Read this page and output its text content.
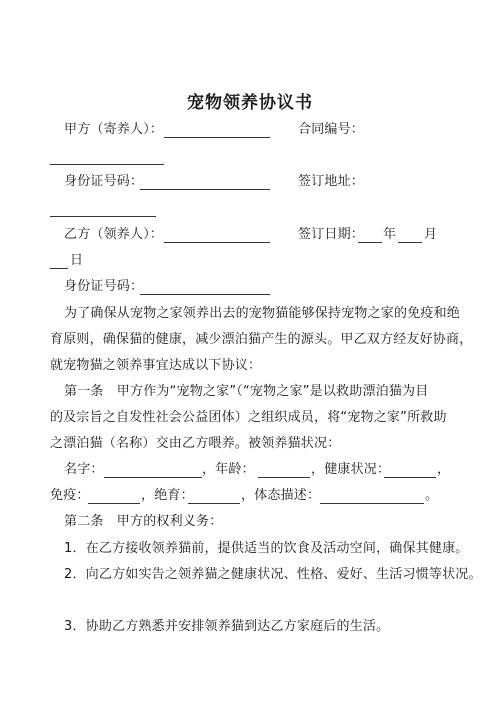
宠物领养协议书
甲方（寄养人）：	合同编号：
身份证号码：	签订地址：
乙方（领养人）：	签订日期： 年 月
日
身份证号码：
为了确保从宠物之家领养出去的宠物猫能够保持宠物之家的免疫和绝
育原则，确保猫的健康，减少漂泊猫产生的源头。甲乙双方经友好协商，
就宠物猫之领养事宜达成以下协议：
第一条　甲方作为“宠物之家”（“宠物之家”是以救助漂泊猫为目
的及宗旨之自发性社会公益团体）之组织成员，将“宠物之家”所救助
之漂泊猫（名称）交由乙方喂养。被领养猫状况：
名字：	，年龄：	，健康状况：	，
免疫：	，绝育：	，体态描述：	。
第二条　甲方的权利义务：
1．在乙方接收领养猫前，提供适当的饮食及活动空间，确保其健康。
2．向乙方如实告之领养猫之健康状况、性格、爱好、生活习惯等状况。
3．协助乙方熟悉并安排领养猫到达乙方家庭后的生活。
